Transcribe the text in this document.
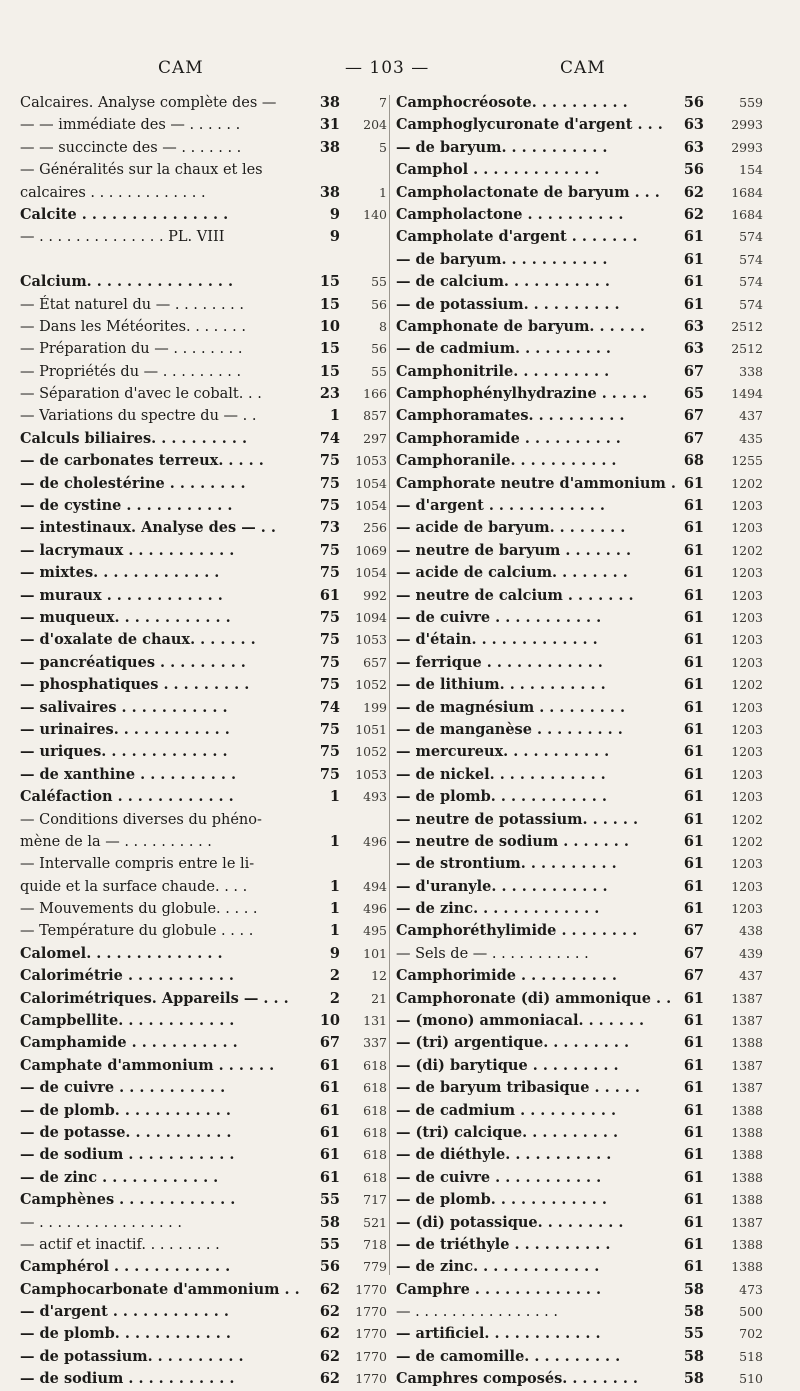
CAM	— 103 —	CAM
Calcaires. Analyse complète des —	38	7
— — immédiate des — . . . . . .	31	204
— — succincte des — . . . . . . .	38	5
— Généralités sur la chaux et les
calcaires . . . . . . . . . . . . .	38	1
Calcite . . . . . . . . . . . . . . .	9	140
— . . . . . . . . . . . . . . PL. VIII	9
Calcium. . . . . . . . . . . . . . .	15	55
— État naturel du — . . . . . . . .	15	56
— Dans les Météorites. . . . . . .	10	8
— Préparation du — . . . . . . . .	15	56
— Propriétés du — . . . . . . . . .	15	55
— Séparation d'avec le cobalt. . .	23	166
— Variations du spectre du — . .	1	857
Calculs biliaires. . . . . . . . . .	74	297
— de carbonates terreux. . . . .	75	1053
— de cholestérine . . . . . . . .	75	1054
— de cystine . . . . . . . . . . .	75	1054
— intestinaux. Analyse des — . .	73	256
— lacrymaux . . . . . . . . . . .	75	1069
— mixtes. . . . . . . . . . . . .	75	1054
— muraux . . . . . . . . . . . .	61	992
— muqueux. . . . . . . . . . . .	75	1094
— d'oxalate de chaux. . . . . . .	75	1053
— pancréatiques . . . . . . . . .	75	657
— phosphatiques . . . . . . . . .	75	1052
— salivaires . . . . . . . . . . .	74	199
— urinaires. . . . . . . . . . . .	75	1051
— uriques. . . . . . . . . . . . .	75	1052
— de xanthine . . . . . . . . . .	75	1053
Caléfaction . . . . . . . . . . . .	1	493
— Conditions diverses du phéno-
mène de la — . . . . . . . . . .	1	496
— Intervalle compris entre le li-
quide et la surface chaude. . . .	1	494
— Mouvements du globule. . . . .	1	496
— Température du globule . . . .	1	495
Calomel. . . . . . . . . . . . . .	9	101
Calorimétrie . . . . . . . . . . .	2	12
Calorimétriques. Appareils — . . .	2	21
Campbellite. . . . . . . . . . . .	10	131
Camphamide . . . . . . . . . . .	67	337
Camphate d'ammonium . . . . . .	61	618
— de cuivre . . . . . . . . . . .	61	618
— de plomb. . . . . . . . . . . .	61	618
— de potasse. . . . . . . . . . .	61	618
— de sodium . . . . . . . . . . .	61	618
— de zinc . . . . . . . . . . . .	61	618
Camphènes . . . . . . . . . . . .	55	717
— . . . . . . . . . . . . . . . .	58	521
— actif et inactif. . . . . . . . .	55	718
Camphérol . . . . . . . . . . . .	56	779
Camphocarbonate d'ammonium . .	62	1770
— d'argent . . . . . . . . . . . .	62	1770
— de plomb. . . . . . . . . . . .	62	1770
— de potassium. . . . . . . . . .	62	1770
— de sodium . . . . . . . . . . .	62	1770
Camphocréosote. . . . . . . . . .	56	559
Camphoglycuronate d'argent . . .	63	2993
— de baryum. . . . . . . . . . .	63	2993
Camphol . . . . . . . . . . . . .	56	154
Campholactonate de baryum . . .	62	1684
Campholactone . . . . . . . . . .	62	1684
Campholate d'argent . . . . . . .	61	574
— de baryum. . . . . . . . . . .	61	574
— de calcium. . . . . . . . . . .	61	574
— de potassium. . . . . . . . . .	61	574
Camphonate de baryum. . . . . .	63	2512
— de cadmium. . . . . . . . . .	63	2512
Camphonitrile. . . . . . . . . .	67	338
Camphophénylhydrazine . . . . .	65	1494
Camphoramates. . . . . . . . . .	67	437
Camphoramide . . . . . . . . . .	67	435
Camphoranile. . . . . . . . . . .	68	1255
Camphorate neutre d'ammonium . 61	1202
— d'argent . . . . . . . . . . . .	61	1203
— acide de baryum. . . . . . . .	61	1203
— neutre de baryum . . . . . . .	61	1202
— acide de calcium. . . . . . . .	61	1203
— neutre de calcium . . . . . . .	61	1203
— de cuivre . . . . . . . . . . .	61	1203
— d'étain. . . . . . . . . . . . .	61	1203
— ferrique . . . . . . . . . . . .	61	1203
— de lithium. . . . . . . . . . .	61	1202
— de magnésium . . . . . . . . .	61	1203
— de manganèse . . . . . . . . .	61	1203
— mercureux. . . . . . . . . . .	61	1203
— de nickel. . . . . . . . . . . .	61	1203
— de plomb. . . . . . . . . . . .	61	1203
— neutre de potassium. . . . . .	61	1202
— neutre de sodium . . . . . . .	61	1202
— de strontium. . . . . . . . . .	61	1203
— d'uranyle. . . . . . . . . . . .	61	1203
— de zinc. . . . . . . . . . . . .	61	1203
Camphoréthylimide . . . . . . . .	67	438
— Sels de — . . . . . . . . . . .	67	439
Camphorimide . . . . . . . . . .	67	437
Camphoronate (di) ammonique . . 61	1387
— (mono) ammoniacal. . . . . . .	61	1387
— (tri) argentique. . . . . . . . .	61	1388
— (di) barytique . . . . . . . . .	61	1387
— de baryum tribasique . . . . .	61	1387
— de cadmium . . . . . . . . . .	61	1388
— (tri) calcique. . . . . . . . . .	61	1388
— de diéthyle. . . . . . . . . . .	61	1388
— de cuivre . . . . . . . . . . .	61	1388
— de plomb. . . . . . . . . . . .	61	1388
— (di) potassique. . . . . . . . .	61	1387
— de triéthyle . . . . . . . . . .	61	1388
— de zinc. . . . . . . . . . . . .	61	1388
Camphre . . . . . . . . . . . . .	58	473
— . . . . . . . . . . . . . . . .	58	500
— artificiel. . . . . . . . . . . .	55	702
— de camomille. . . . . . . . . .	58	518
Camphres composés. . . . . . . .	58	510
